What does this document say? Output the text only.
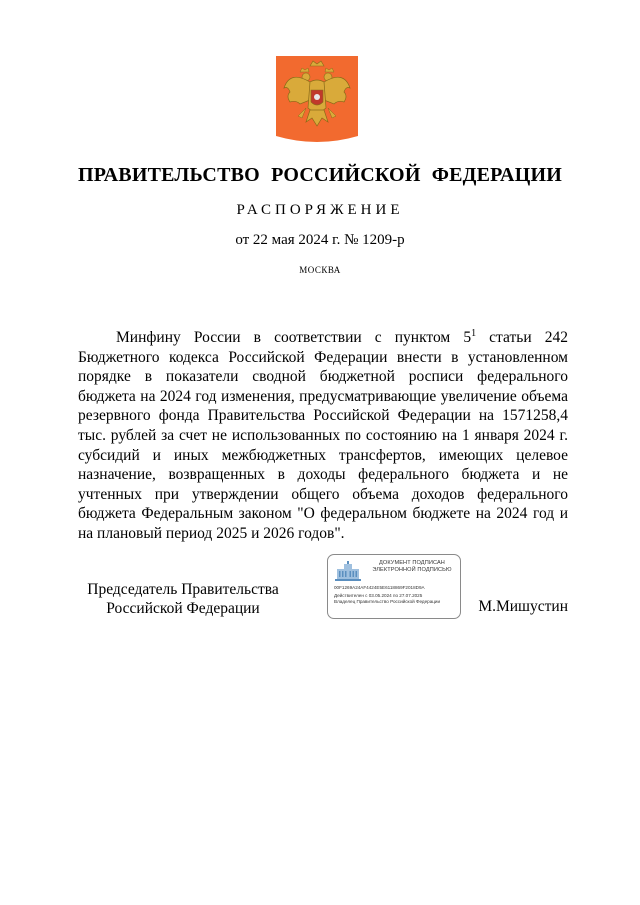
ПРАВИТЕЛЬСТВО РОССИЙСКОЙ ФЕДЕРАЦИИ
РАСПОРЯЖЕНИЕ
от 22 мая 2024 г. № 1209-р
МОСКВА

Минфину России в соответствии с пунктом $5^1$ статьи 242 Бюджетного кодекса Российской Федерации внести в установленном порядке в показатели сводной бюджетной росписи федерального бюджета на 2024 год изменения, предусматривающие увеличение объема резервного фонда Правительства Российской Федерации на 1571258,4 тыс. рублей за счет не использованных по состоянию на 1 января 2024 г. субсидий и иных межбюджетных трансфертов, имеющих целевое назначение, возвращенных в доходы федерального бюджета и не учтенных при утверждении общего объема доходов федерального бюджета Федеральным законом "О федеральном бюджете на 2024 год и на плановый период 2025 и 2026 годов".

Председатель Правительства
Российской Федерации
ДОКУМЕНТ ПОДПИСАН
ЭЛЕКТРОННОЙ ПОДПИСЬЮ
00F1269A24AF4424E5E6118869F2018D9A
Действителен с 03.05.2024 по 27.07.2025
Владелец Правительство Российской Федерации	М.Мишустин
